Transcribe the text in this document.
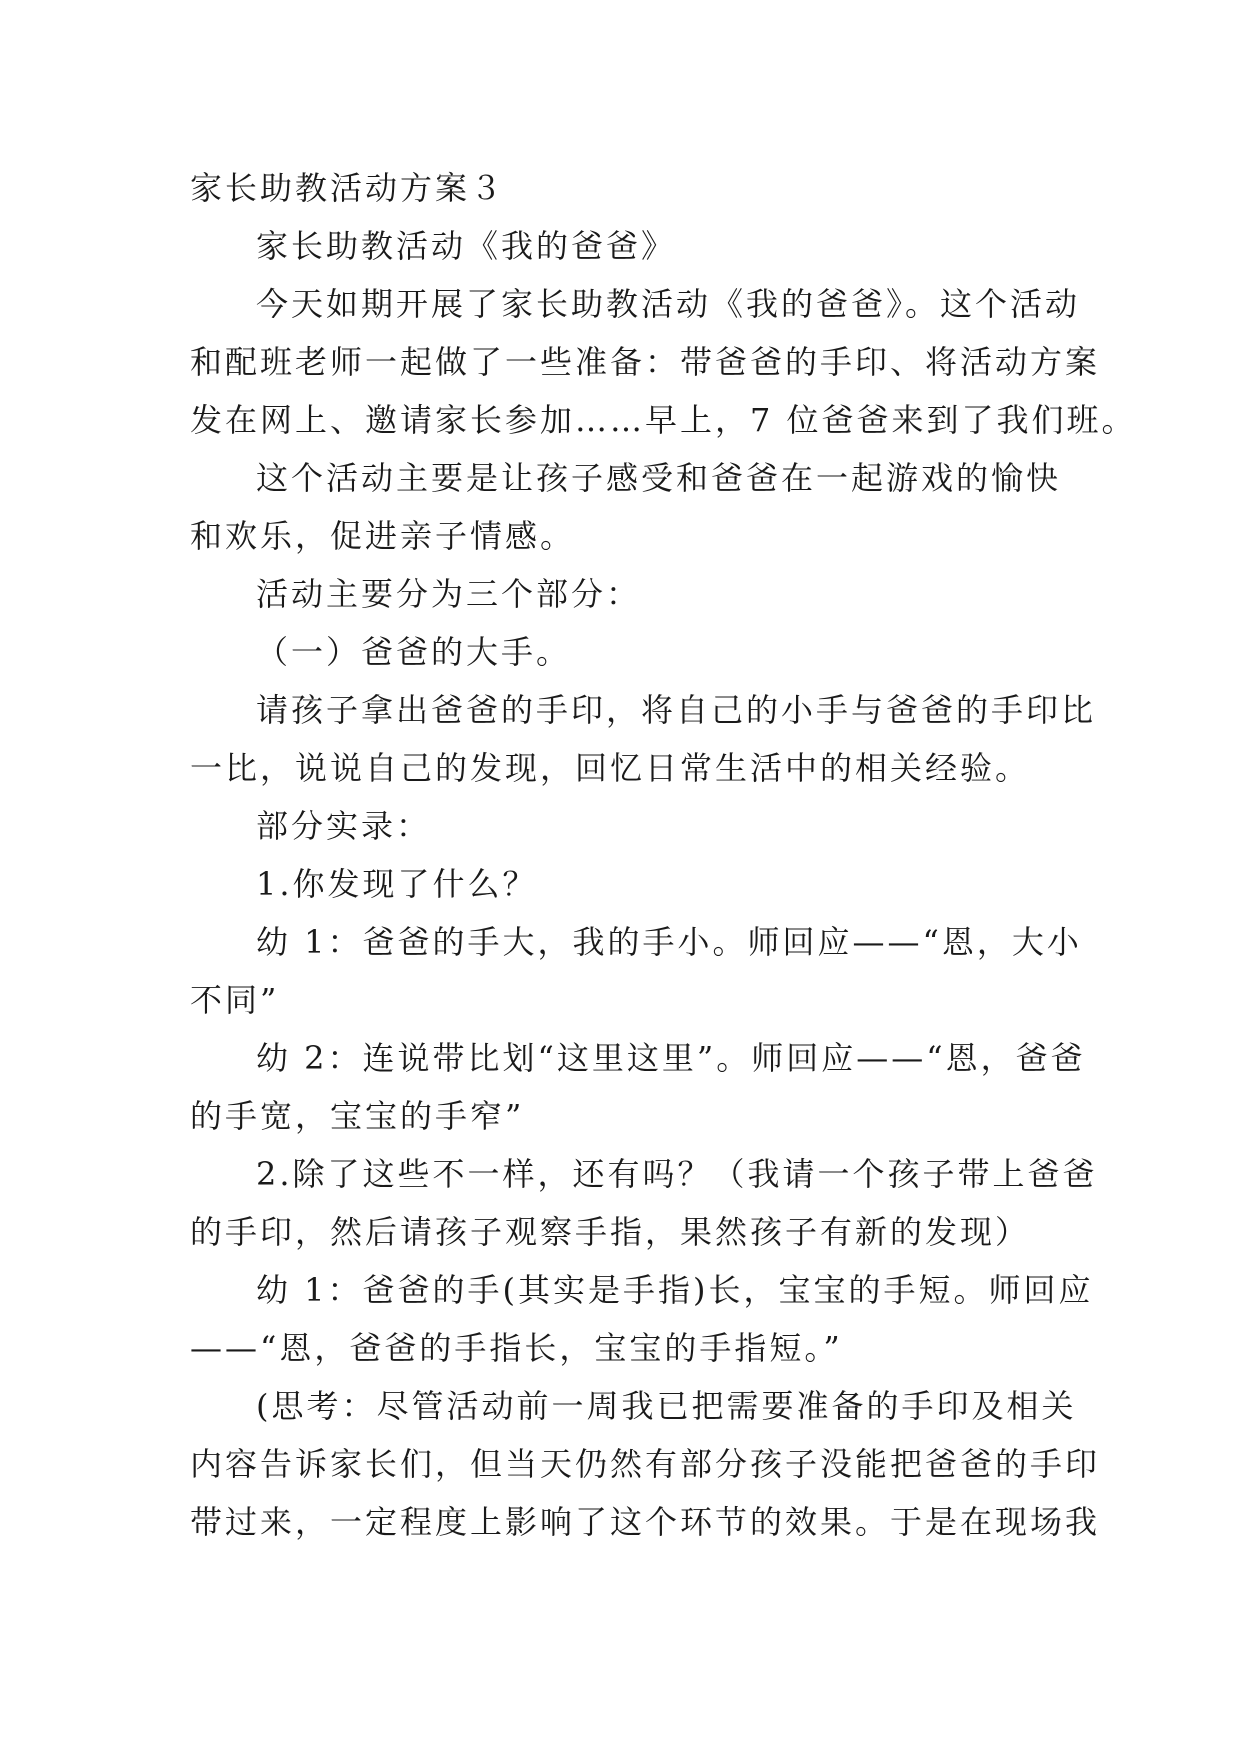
家长助教活动方案３
家长助教活动《我的爸爸》
今天如期开展了家长助教活动《我的爸爸》。这个活动
和配班老师一起做了一些准备：带爸爸的手印、将活动方案
发在网上、邀请家长参加……早上，7 位爸爸来到了我们班。
这个活动主要是让孩子感受和爸爸在一起游戏的愉快
和欢乐，促进亲子情感。
活动主要分为三个部分：
（一）爸爸的大手。
请孩子拿出爸爸的手印，将自己的小手与爸爸的手印比
一比，说说自己的发现，回忆日常生活中的相关经验。
部分实录：
1.你发现了什么？
幼 1：爸爸的手大，我的手小。师回应——“恩，大小
不同”
幼 2：连说带比划“这里这里”。师回应——“恩，爸爸
的手宽，宝宝的手窄”
2.除了这些不一样，还有吗？（我请一个孩子带上爸爸
的手印，然后请孩子观察手指，果然孩子有新的发现）
幼 1：爸爸的手(其实是手指)长，宝宝的手短。师回应
——“恩，爸爸的手指长，宝宝的手指短。”
(思考：尽管活动前一周我已把需要准备的手印及相关
内容告诉家长们，但当天仍然有部分孩子没能把爸爸的手印
带过来，一定程度上影响了这个环节的效果。于是在现场我
